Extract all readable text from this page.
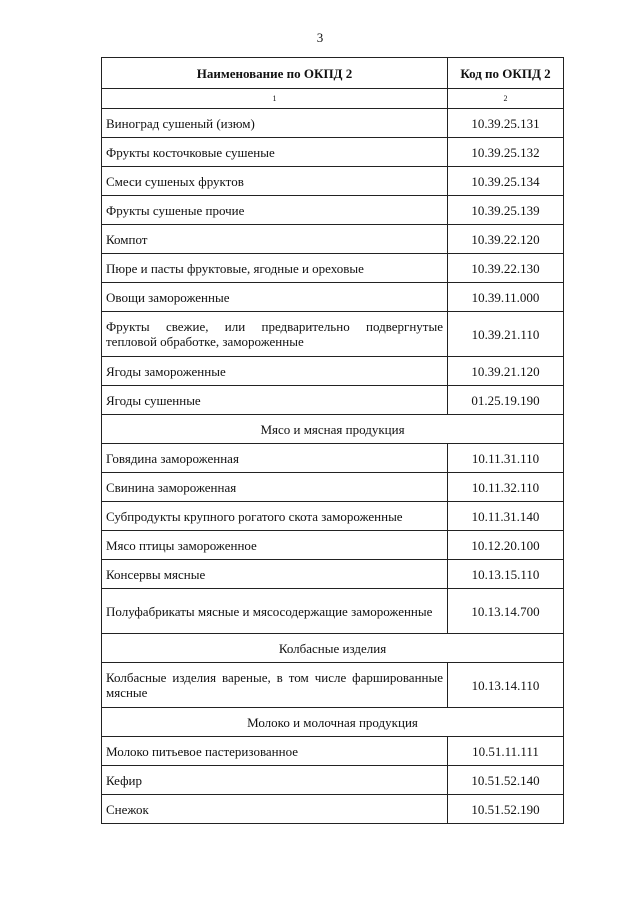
3
Наименование по ОКПД 2	Код по ОКПД 2
1	2
Виноград сушеный (изюм)	10.39.25.131
Фрукты косточковые сушеные	10.39.25.132
Смеси сушеных фруктов	10.39.25.134
Фрукты сушеные прочие	10.39.25.139
Компот	10.39.22.120
Пюре и пасты фруктовые, ягодные и ореховые	10.39.22.130
Овощи замороженные	10.39.11.000
Фрукты свежие, или предварительно подвергнутые тепловой обработке, замороженные	10.39.21.110
Ягоды замороженные	10.39.21.120
Ягоды сушенные	01.25.19.190
Мясо и мясная продукция	
Говядина замороженная	10.11.31.110
Свинина замороженная	10.11.32.110
Субпродукты крупного рогатого скота замороженные	10.11.31.140
Мясо птицы замороженное	10.12.20.100
Консервы мясные	10.13.15.110
Полуфабрикаты мясные и мясосодержащие замороженные	10.13.14.700
Колбасные изделия	
Колбасные изделия вареные, в том числе фаршированные мясные	10.13.14.110
Молоко и молочная продукция	
Молоко питьевое пастеризованное	10.51.11.111
Кефир	10.51.52.140
Снежок	10.51.52.190
